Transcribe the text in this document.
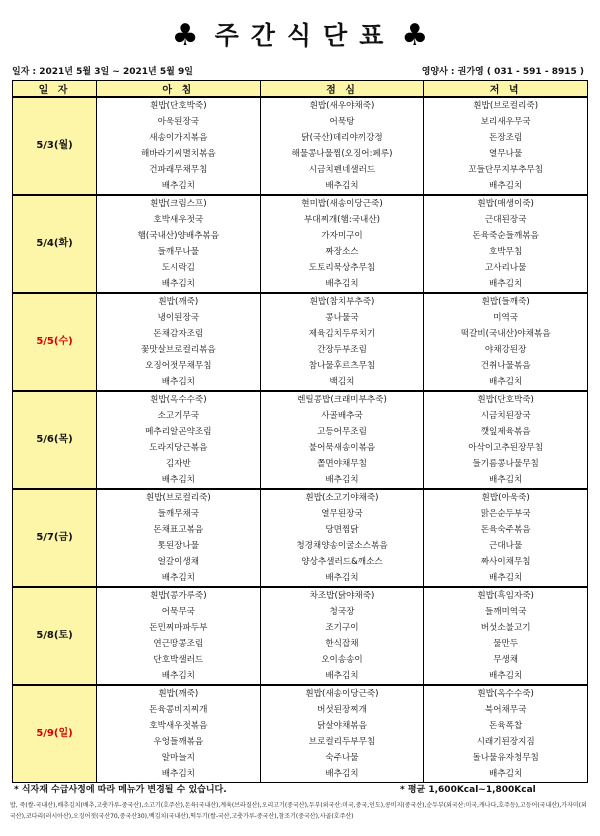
♣ 주간식단표 ♣
일자 : 2021년 5월 3일 ~ 2021년 5월 9일	영양사 : 권가영 ( 031 - 591 - 8915 )
일 자	아 침	점 심	저 녁
5/3(월)	흰밥(단호박죽)	흰밥(새우야채죽)	흰밥(브로컬리죽)
	아욱된장국	어묵탕	보리새우무국
	새송이가지볶음	닭(국산)데리야끼강정	돈장조림
	해바라기씨멸치볶음	해물콩나물찜(오징어:페루)	열무나물
	건파래무채무침	시금치펜네샐러드	꼬들단무지부추무침
	배추김치	배추김치	배추김치
5/4(화)	흰밥(크림스프)	현미밥(새송이당근죽)	흰밥(매생이죽)
	호박새우젓국	부대찌개(햄:국내산)	근대된장국
	햄(국내산)양배추볶음	가자미구이	돈육죽순들깨볶음
	들깨무나물	짜장소스	호박무침
	도시락김	도토리묵상추무침	고사리나물
	배추김치	배추김치	배추김치
5/5(수)	흰밥(깨죽)	흰밥(참치부추죽)	흰밥(들깨죽)
	냉이된장국	콩나물국	미역국
	돈채감자조림	제육김치두루치기	떡갈비(국내산)야채볶음
	꽃맛살브로컬리볶음	간장두부조림	야채강된장
	오징어젓무채무침	참나물후르츠무침	건취나물볶음
	배추김치	백김치	배추김치
5/6(목)	흰밥(옥수수죽)	렌틸콩밥(크래미부추죽)	흰밥(단호박죽)
	소고기무국	사골배추국	시금치된장국
	메추리알곤약조림	고등어무조림	깻잎제육볶음
	도라지당근볶음	불어묵새송이볶음	아삭이고추된장무침
	김자반	쫄면야채무침	들기름콩나물무침
	배추김치	배추김치	배추김치
5/7(금)	흰밥(브로컬리죽)	흰밥(소고기야채죽)	흰밥(아욱죽)
	들깨무채국	열무된장국	맑은순두부국
	돈채표고볶음	당면찜닭	돈육숙주볶음
	톳된장나물	청경채양송이굴소스볶음	근대나물
	얼갈이생채	양상추샐러드&깨소스	짜사이채무침
	배추김치	배추김치	배추김치
5/8(토)	흰밥(콩가루죽)	차조밥(닭야채죽)	흰밥(흑임자죽)
	어묵무국	청국장	들깨미역국
	돈민찌마파두부	조기구이	버섯소불고기
	연근땅콩조림	한식잡채	물만두
	단호박샐러드	오이송송이	무생채
	배추김치	배추김치	배추김치
5/9(일)	흰밥(깨죽)	흰밥(새송이당근죽)	흰밥(옥수수죽)
	돈육콩비지찌개	버섯된장찌개	북어채무국
	호박새우젓볶음	닭살야채볶음	돈육폭찹
	우엉들깨볶음	브로컬리두부무침	시래기된장지짐
	알마늘지	숙주나물	돌나물유자청무침
	배추김치	배추김치	배추김치
* 식자재 수급사정에 따라 메뉴가 변경될 수 있습니다.	* 평균 1,600Kcal~1,800Kcal
밥, 죽(쌀-국내산),배추김치(배추,고춧가루-중국산),소고기(호주산),돈육(국내산),계육(브라질산),오리고기(중국산),두부(외국산:미국,중국,인도),콩비지(중국산),순두부(외국산:미국,캐나다,호주등),고등어(국내산),가자미(외국산),코다리(러시아산),오징어젓(국산70,중국산30),백김치(국내산),떡두기(쌀-국산,고춧가루-중국산),참조기(중국산),사골(호주산)
